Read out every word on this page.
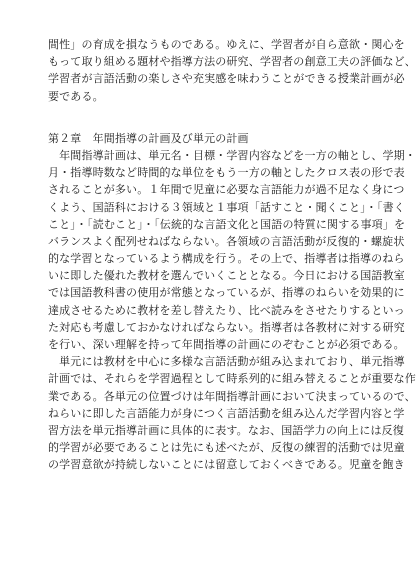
間性」の育成を損なうものである。ゆえに、学習者が自ら意欲・関心を
もって取り組める題材や指導方法の研究、学習者の創意工夫の評価など、
学習者が言語活動の楽しさや充実感を味わうことができる授業計画が必
要である。
第２章　年間指導の計画及び単元の計画
　年間指導計画は、単元名・目標・学習内容などを一方の軸とし、学期・
月・指導時数など時間的な単位をもう一方の軸としたクロス表の形で表
されることが多い。１年間で児童に必要な言語能力が過不足なく身につ
くよう、国語科における３領域と１事項「話すこと・聞くこと」・「書く
こと」・「読むこと」・「伝統的な言語文化と国語の特質に関する事項」を
バランスよく配列せねばならない。各領域の言語活動が反復的・螺旋状
的な学習となっているよう構成を行う。その上で、指導者は指導のねら
いに即した優れた教材を選んでいくこととなる。今日における国語教室
では国語教科書の使用が常態となっているが、指導のねらいを効果的に
達成させるために教材を差し替えたり、比べ読みをさせたりするといっ
た対応も考慮しておかなければならない。指導者は各教材に対する研究
を行い、深い理解を持って年間指導の計画にのぞむことが必須である。
　単元には教材を中心に多様な言語活動が組み込まれており、単元指導
計画では、それらを学習過程として時系列的に組み替えることが重要な作
業である。各単元の位置づけは年間指導計画において決まっているので、
ねらいに即した言語能力が身につく言語活動を組み込んだ学習内容と学
習方法を単元指導計画に具体的に表す。なお、国語学力の向上には反復
的学習が必要であることは先にも述べたが、反復の練習的活動では児童
の学習意欲が持続しないことには留意しておくべきである。児童を飽き
